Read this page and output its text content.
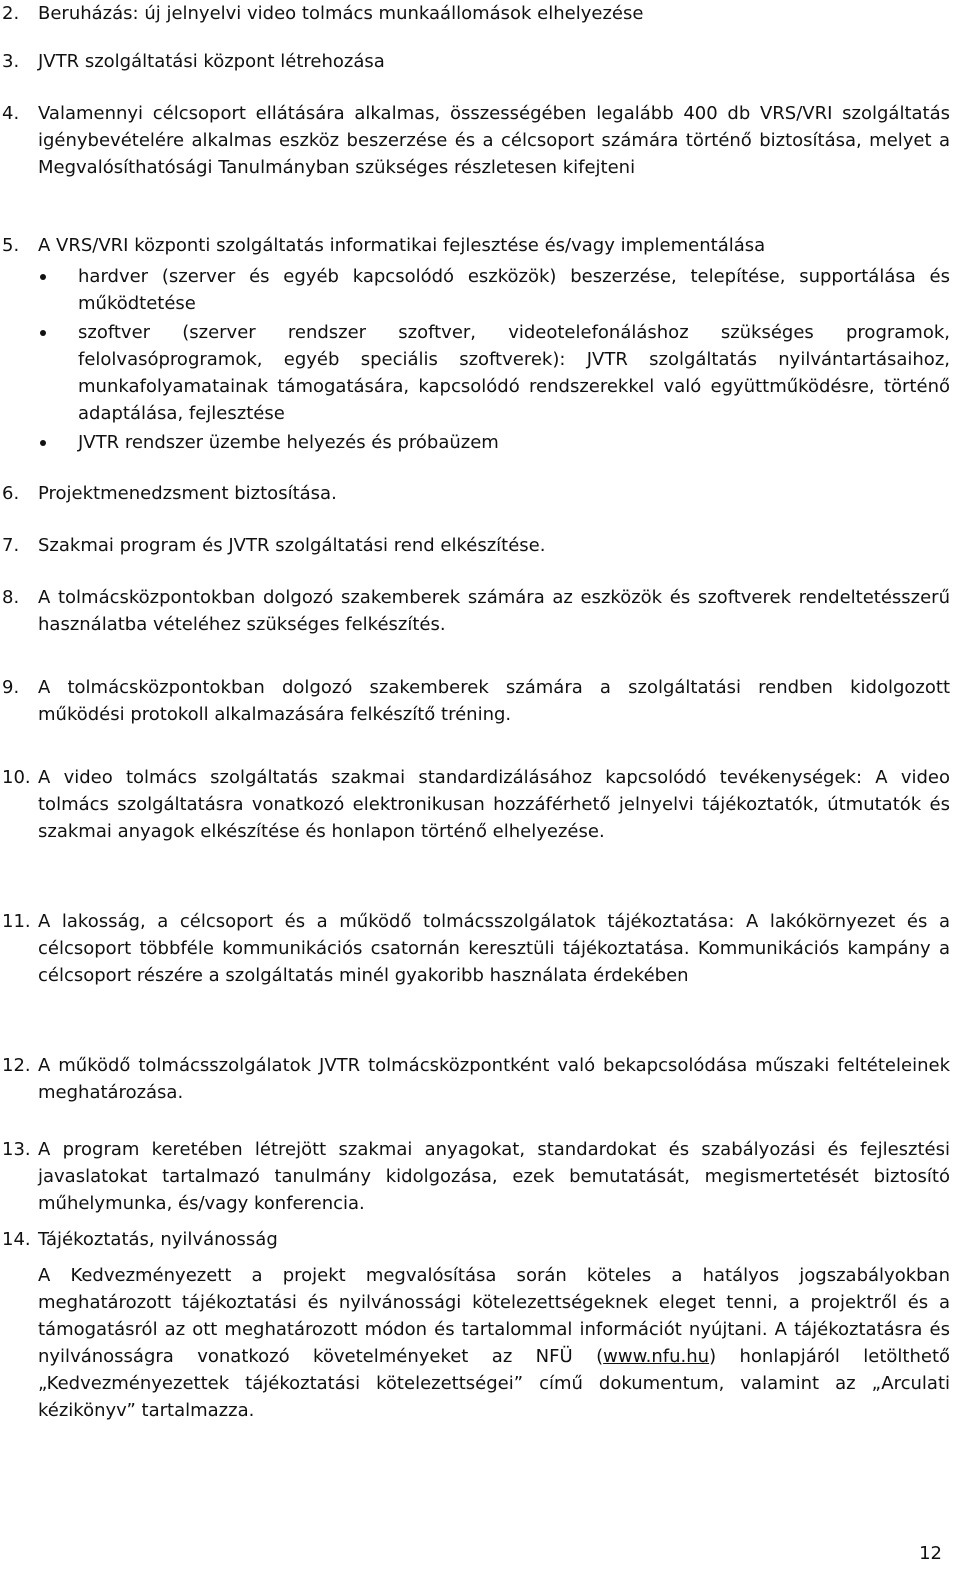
2. Beruházás: új jelnyelvi video tolmács munkaállomások elhelyezése
3. JVTR szolgáltatási központ létrehozása
4. Valamennyi célcsoport ellátására alkalmas, összességében legalább 400 db VRS/VRI szolgáltatás igénybevételére alkalmas eszköz beszerzése és a célcsoport számára történő biztosítása, melyet a Megvalósíthatósági Tanulmányban szükséges részletesen kifejteni
5. A VRS/VRI központi szolgáltatás informatikai fejlesztése és/vagy implementálása
hardver (szerver és egyéb kapcsolódó eszközök) beszerzése, telepítése, supportálása és működtetése
szoftver (szerver rendszer szoftver, videotelefonáláshoz szükséges programok, felolvasóprogramok, egyéb speciális szoftverek): JVTR szolgáltatás nyilvántartásaihoz, munkafolyamatainak támogatására, kapcsolódó rendszerekkel való együttműködésre, történő adaptálása, fejlesztése
JVTR rendszer üzembe helyezés és próbaüzem
6. Projektmenedzsment biztosítása.
7. Szakmai program és JVTR szolgáltatási rend elkészítése.
8. A tolmácsközpontokban dolgozó szakemberek számára az eszközök és szoftverek rendeltetésszerű használatba vételéhez szükséges felkészítés.
9. A tolmácsközpontokban dolgozó szakemberek számára a szolgáltatási rendben kidolgozott működési protokoll alkalmazására felkészítő tréning.
10. A video tolmács szolgáltatás szakmai standardizálásához kapcsolódó tevékenységek: A video tolmács szolgáltatásra vonatkozó elektronikusan hozzáférhető jelnyelvi tájékoztatók, útmutatók és szakmai anyagok elkészítése és honlapon történő elhelyezése.
11. A lakosság, a célcsoport és a működő tolmácsszolgálatok tájékoztatása: A lakókörnyezet és a célcsoport többféle kommunikációs csatornán keresztüli tájékoztatása. Kommunikációs kampány a célcsoport részére a szolgáltatás minél gyakoribb használata érdekében
12. A működő tolmácsszolgálatok JVTR tolmácsközpontként való bekapcsolódása műszaki feltételeinek meghatározása.
13. A program keretében létrejött szakmai anyagokat, standardokat és szabályozási és fejlesztési javaslatokat tartalmazó tanulmány kidolgozása, ezek bemutatását, megismertetését biztosító műhelymunka, és/vagy konferencia.
14. Tájékoztatás, nyilvánosság
A Kedvezményezett a projekt megvalósítása során köteles a hatályos jogszabályokban meghatározott tájékoztatási és nyilvánossági kötelezettségeknek eleget tenni, a projektről és a támogatásról az ott meghatározott módon és tartalommal információt nyújtani. A tájékoztatásra és nyilvánosságra vonatkozó követelményeket az NFÜ (www.nfu.hu) honlapjáról letölthető „Kedvezményezettek tájékoztatási kötelezettségei” című dokumentum, valamint az „Arculati kézikönyv” tartalmazza.
12
